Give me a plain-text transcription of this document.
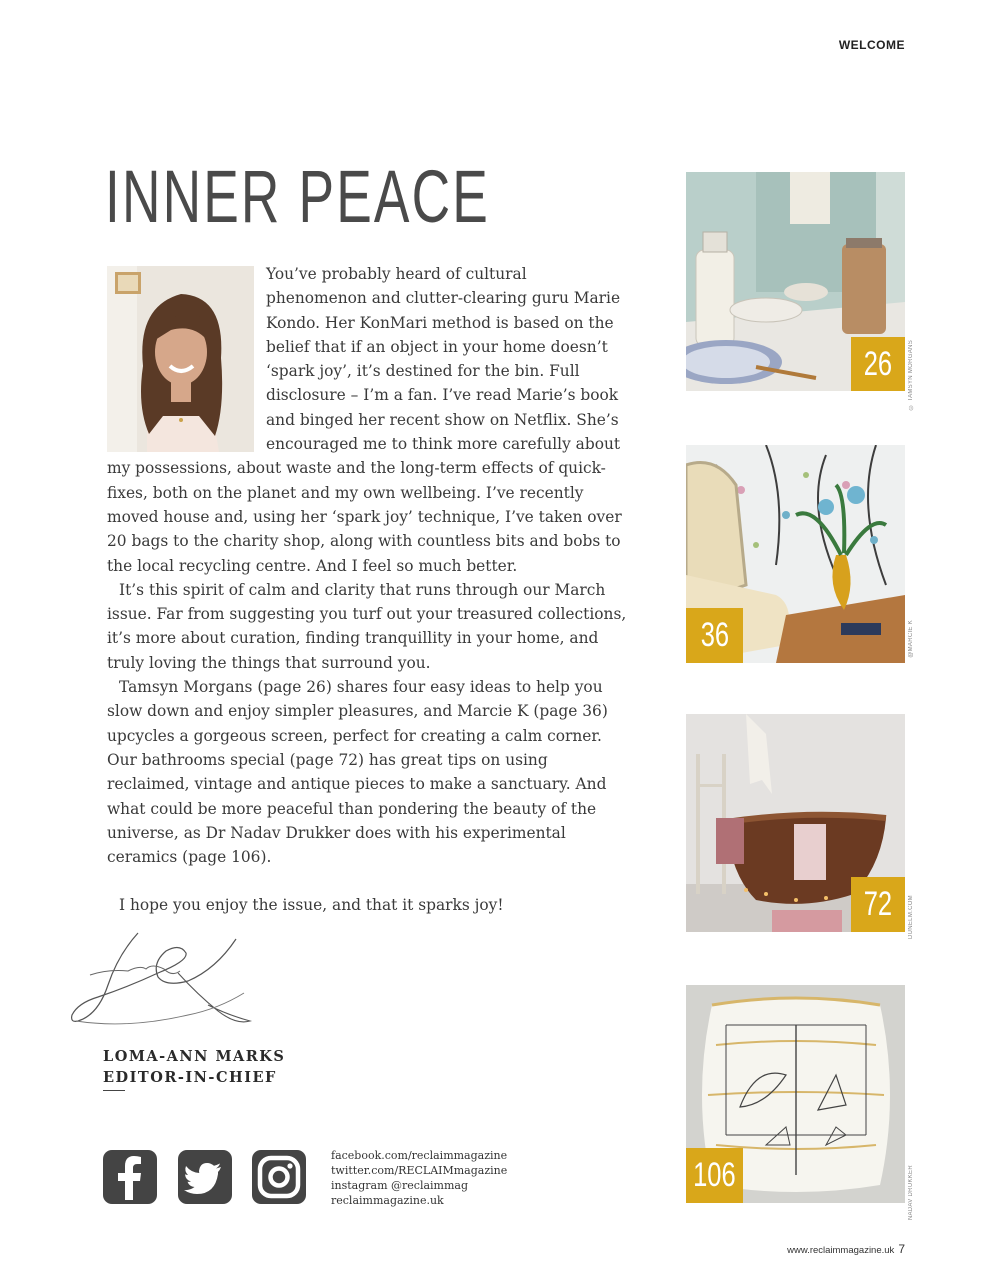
WELCOME
INNER PEACE

You’ve probably heard of cultural phenomenon and clutter-clearing guru Marie Kondo. Her KonMari method is based on the belief that if an object in your home doesn’t ‘spark joy’, it’s destined for the bin. Full disclosure – I’m a fan. I’ve read Marie’s book and binged her recent show on Netflix. She’s encouraged me to think more carefully about my possessions, about waste and the long-term effects of quick-fixes, both on the planet and my own wellbeing. I’ve recently moved house and, using her ‘spark joy’ technique, I’ve taken over 20 bags to the charity shop, along with countless bits and bobs to the local recycling centre. And I feel so much better.

It’s this spirit of calm and clarity that runs through our March issue. Far from suggesting you turf out your treasured collections, it’s more about curation, finding tranquillity in your home, and truly loving the things that surround you.

Tamsyn Morgans (page 26) shares four easy ideas to help you slow down and enjoy simpler pleasures, and Marcie K (page 36) upcycles a gorgeous screen, perfect for creating a calm corner. Our bathrooms special (page 72) has great tips on using reclaimed, vintage and antique pieces to make a sanctuary. And what could be more peaceful than pondering the beauty of the universe, as Dr Nadav Drukker does with his experimental ceramics (page 106).

I hope you enjoy the issue, and that it sparks joy!

LOMA-ANN MARKS
EDITOR-IN-CHIEF
facebook.com/reclaimmagazine
twitter.com/RECLAIMmagazine
instagram @reclaimmag
reclaimmagazine.uk
26	© TAMSYN MORGANS
36	@MARCIE K
72	DUNELM.COM
106	NADAV DRUKKER
www.reclaimmagazine.uk 7
